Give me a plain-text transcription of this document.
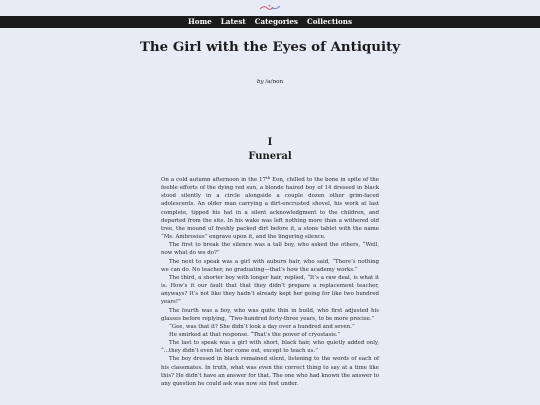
Home Latest Categories Collections
The Girl with the Eyes of Antiquity
by /a/non
I
Funeral

On a cold autumn afternoon in the 17th Eon, chilled to the bone in spite of the feeble efforts of the dying red sun, a blonde haired boy of 14 dressed in black stood silently in a circle alongside a couple dozen other grim-faced adolescents. An older man carrying a dirt-encrusted shovel, his work at last complete, tipped his hat in a silent acknowledgment to the children, and departed from the site. In his wake was left nothing more than a withered old tree, the mound of freshly packed dirt before it, a stone tablet with the name “Ms. Ambrosius” engrave upon it, and the lingering silence.

The first to break the silence was a tall boy, who asked the others, “Well, now what do we do?”

The next to speak was a girl with auburn hair, who said, “There’s nothing we can do. No teacher, no graduating—that’s how the academy works.”

The third, a shorter boy with longer hair, replied, “It’s a raw deal, is what it is. How’s it our fault that that they didn’t prepare a replacement teacher, anyways? It’s not like they hadn’t already kept her going for like two hundred years!”

The fourth was a boy, who was quite thin in build, who first adjusted his glasses before replying, “Two-hundred forty-three years, to be more precise.”

“Gee, was that it? She didn’t look a day over a hundred and seven.”

He smirked at that response. “That’s the power of cryostasis.”

The last to speak was a girl with short, black hair, who quietly added only, “...they didn’t even let her come out, except to teach us.”

The boy dressed in black remained silent, listening to the words of each of his classmates. In truth, what was even the correct thing to say at a time like this? He didn’t have an answer for that. The one who had known the answer to any question he could ask was now six feet under.
